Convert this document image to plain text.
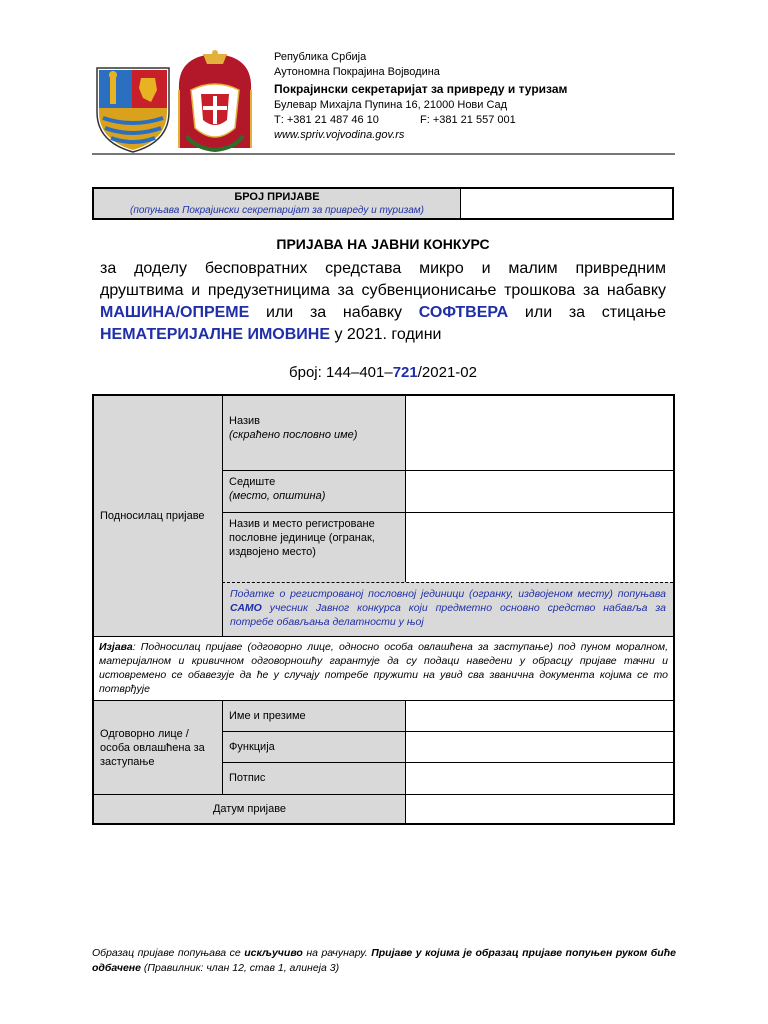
Република Србија
Аутономна Покрајина Војводина
Покрајински секретаријат за привреду и туризам
Булевар Михајла Пупина 16, 21000 Нови Сад
Т: +381 21 487 46 10	F: +381 21 557 001
www.spriv.vojvodina.gov.rs
БРОЈ ПРИЈАВЕ
(попуњава Покрајински секретаријат за привреду и туризам)
ПРИЈАВА НА ЈАВНИ КОНКУРС
за доделу бесповратних средстава микро и малим привредним
друштвима и предузетницима за субвенционисање трошкова за набавку
МАШИНА/ОПРЕМЕ или за набавку СОФТВЕРА или за стицање
НЕМАТЕРИЈАЛНЕ ИМОВИНЕ у 2021. години
број: 144–401–721/2021-02
Подносилац пријаве
Назив
(скраћено пословно име)
Седиште
(место, општина)
Назив и место регистроване пословне јединице (огранак, издвојено место)
Податке о регистрованој пословној јединици (огранку, издвојеном месту) попуњава САМО учесник Јавног конкурса који предметно основно средство набавља за потребе обављања делатности у њој
Изјава: Подносилац пријаве (одговорно лице, односно особа овлашћена за заступање) под пуном моралном, материјалном и кривичном одговорношћу гарантује да су подаци наведени у обрасцу пријаве тачни и истовремено се обавезује да ће у случају потребе пружити на увид сва званична документа којима се то потврђује
Одговорно лице / особа овлашћена за заступање
Име и презиме
Функција
Потпис
Датум пријаве
Образац пријаве попуњава се искључиво на рачунару. Пријаве у којима је образац пријаве попуњен руком биће одбачене (Правилник: члан 12, став 1, алинеја 3)
